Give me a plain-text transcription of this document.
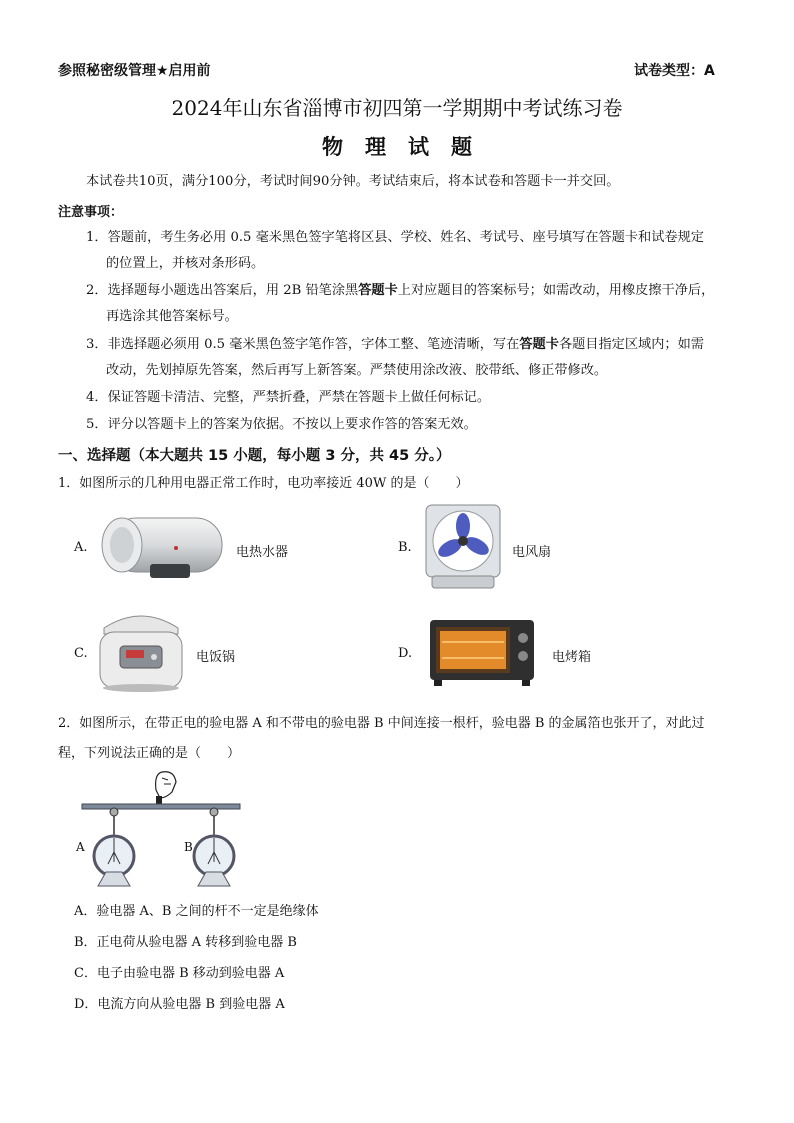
参照秘密级管理★启用前	试卷类型：A
2024年山东省淄博市初四第一学期期中考试练习卷
物理试题
本试卷共10页，满分100分，考试时间90分钟。考试结束后，将本试卷和答题卡一并交回。
注意事项：
1．答题前，考生务必用 0.5 毫米黑色签字笔将区县、学校、姓名、考试号、座号填写在答题卡和试卷规定
的位置上，并核对条形码。
2．选择题每小题选出答案后，用 2B 铅笔涂黑答题卡上对应题目的答案标号；如需改动，用橡皮擦干净后，
再选涂其他答案标号。
3．非选择题必须用 0.5 毫米黑色签字笔作答，字体工整、笔迹清晰，写在答题卡各题目指定区域内；如需
改动，先划掉原先答案，然后再写上新答案。严禁使用涂改液、胶带纸、修正带修改。
4．保证答题卡清洁、完整，严禁折叠，严禁在答题卡上做任何标记。
5．评分以答题卡上的答案为依据。不按以上要求作答的答案无效。
一、选择题（本大题共 15 小题，每小题 3 分，共 45 分。）
1．如图所示的几种用电器正常工作时，电功率接近 40W 的是（　　）
A.	电热水器	B.	电风扇
C.	电饭锅	D.	电烤箱
2．如图所示，在带正电的验电器 A 和不带电的验电器 B 中间连接一根杆，验电器 B 的金属箔也张开了，对此过
程，下列说法正确的是（　　）
A	B
A．验电器 A、B 之间的杆不一定是绝缘体
B．正电荷从验电器 A 转移到验电器 B
C．电子由验电器 B 移动到验电器 A
D．电流方向从验电器 B 到验电器 A
